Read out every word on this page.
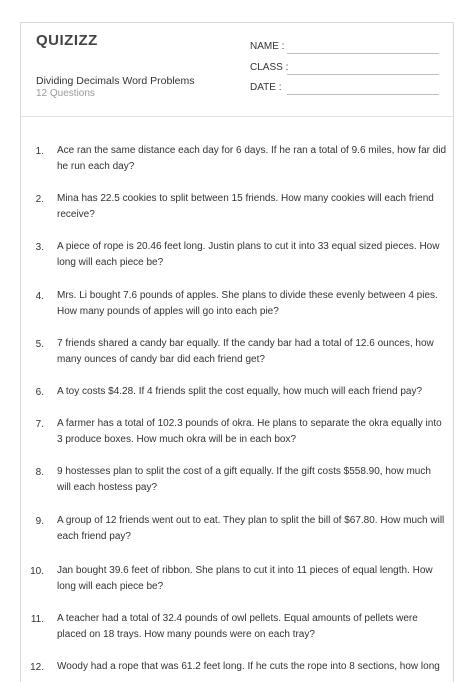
QUIZIZZ
Dividing Decimals Word Problems
12 Questions
NAME :
CLASS :
DATE :
1. Ace ran the same distance each day for 6 days. If he ran a total of 9.6 miles, how far did he run each day?
2. Mina has 22.5 cookies to split between 15 friends. How many cookies will each friend receive?
3. A piece of rope is 20.46 feet long. Justin plans to cut it into 33 equal sized pieces. How long will each piece be?
4. Mrs. Li bought 7.6 pounds of apples. She plans to divide these evenly between 4 pies. How many pounds of apples will go into each pie?
5. 7 friends shared a candy bar equally. If the candy bar had a total of 12.6 ounces, how many ounces of candy bar did each friend get?
6. A toy costs $4.28. If 4 friends split the cost equally, how much will each friend pay?
7. A farmer has a total of 102.3 pounds of okra. He plans to separate the okra equally into 3 produce boxes. How much okra will be in each box?
8. 9 hostesses plan to split the cost of a gift equally. If the gift costs $558.90, how much will each hostess pay?
9. A group of 12 friends went out to eat. They plan to split the bill of $67.80. How much will each friend pay?
10. Jan bought 39.6 feet of ribbon. She plans to cut it into 11 pieces of equal length. How long will each piece be?
11. A teacher had a total of 32.4 pounds of owl pellets. Equal amounts of pellets were placed on 18 trays. How many pounds were on each tray?
12. Woody had a rope that was 61.2 feet long. If he cuts the rope into 8 sections, how long
